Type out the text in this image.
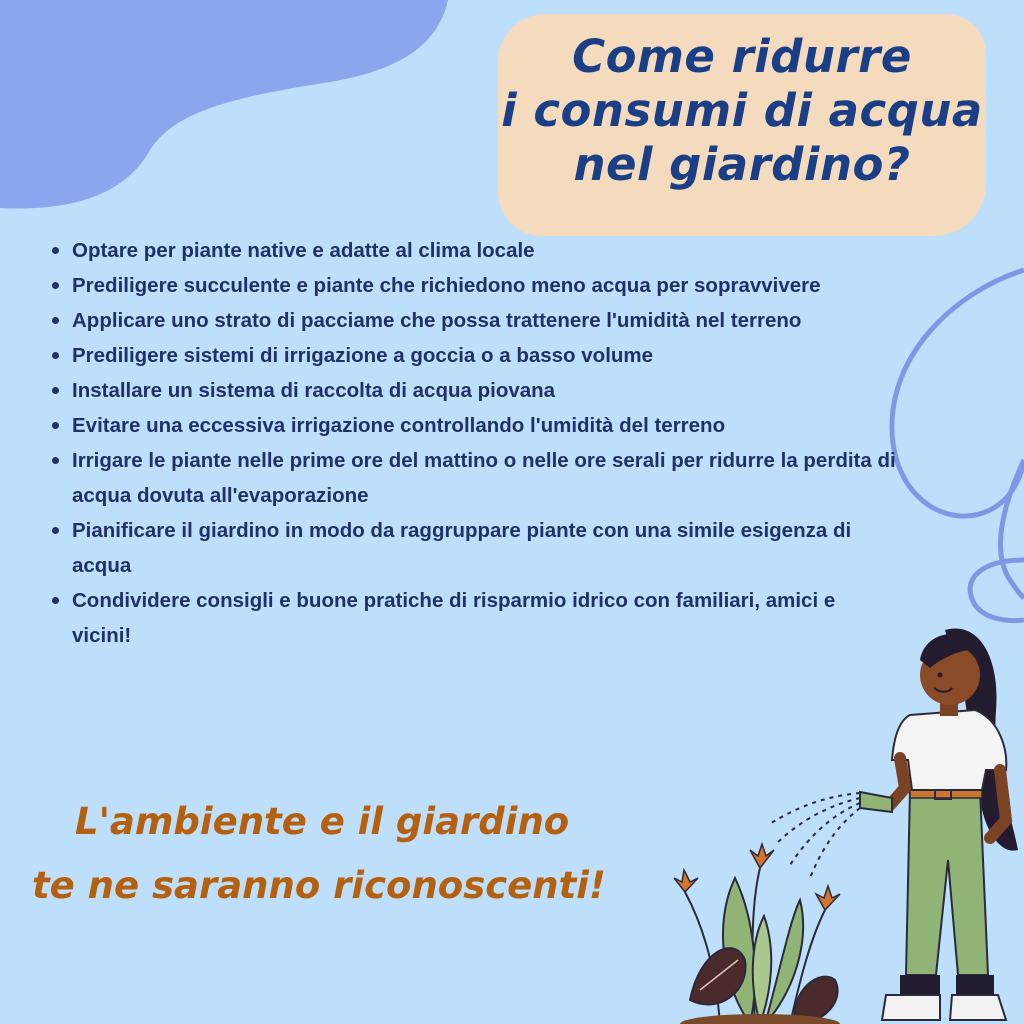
Come ridurre
i consumi di acqua
nel giardino?
Optare per piante native e adatte al clima locale
Prediligere succulente e piante che richiedono meno acqua per sopravvivere
Applicare uno strato di pacciame che possa trattenere l'umidità nel terreno
Prediligere sistemi di irrigazione a goccia o a basso volume
Installare un sistema di raccolta di acqua piovana
Evitare una eccessiva irrigazione controllando l'umidità del terreno
Irrigare le piante nelle prime ore del mattino o nelle ore serali per ridurre la perdita di acqua dovuta all'evaporazione
Pianificare il giardino in modo da raggruppare piante con una simile esigenza di acqua
Condividere consigli e buone pratiche di risparmio idrico con familiari, amici e vicini!
L'ambiente e il giardino
te ne saranno riconoscenti!
